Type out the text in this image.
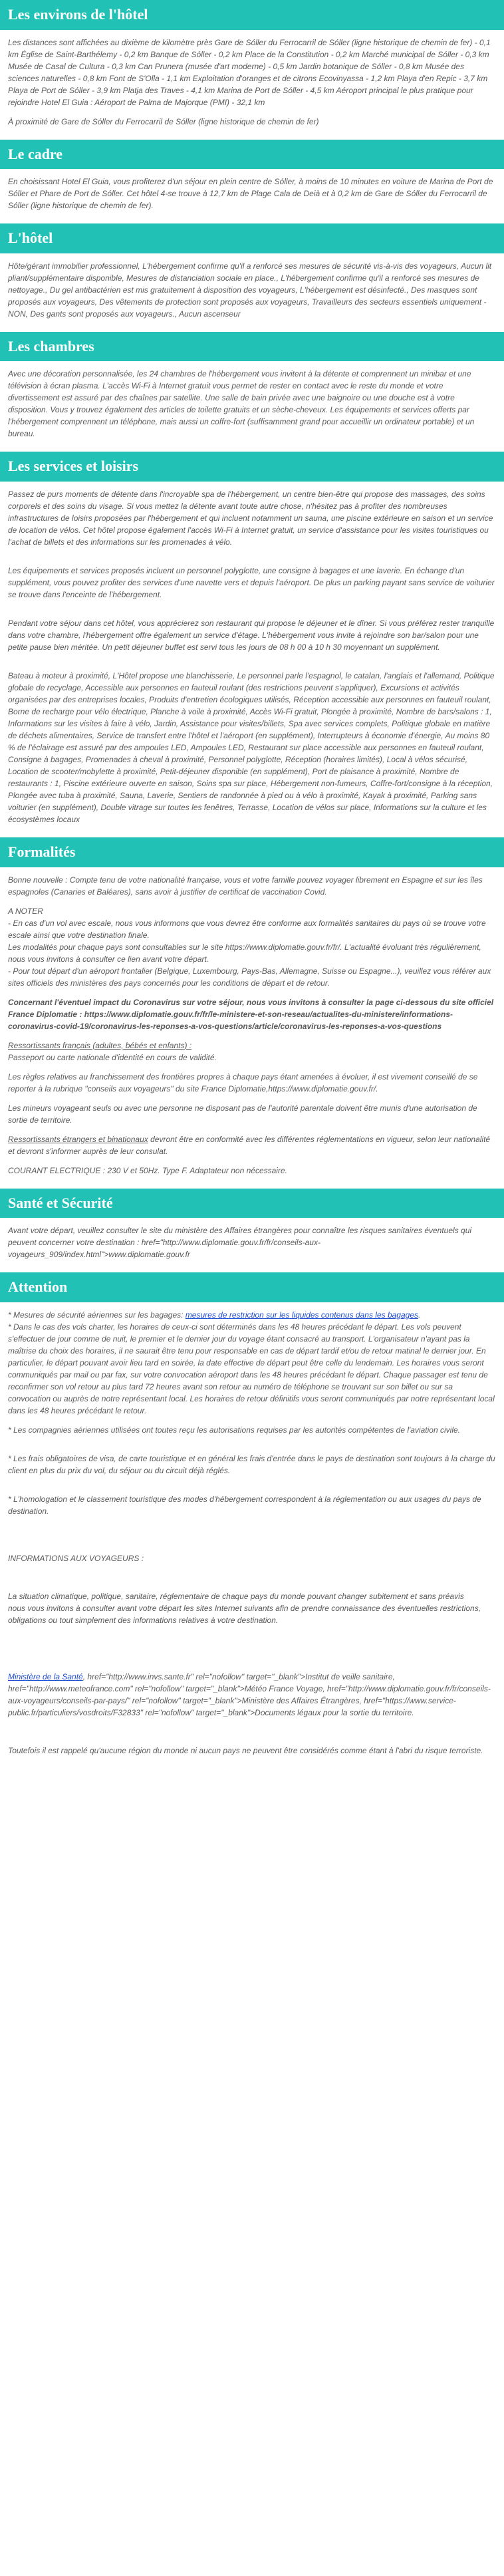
Les environs de l'hôtel

Les distances sont affichées au dixième de kilomètre près Gare de Sóller du Ferrocarril de Sóller (ligne historique de chemin de fer) - 0,1 km Église de Saint-Barthélemy - 0,2 km Banque de Sóller - 0,2 km Place de la Constitution - 0,2 km Marché municipal de Sóller - 0,3 km Musée de Casal de Cultura - 0,3 km Can Prunera (musée d'art moderne) - 0,5 km Jardin botanique de Sóller - 0,8 km Musée des sciences naturelles - 0,8 km Font de S'Olla - 1,1 km Exploitation d'oranges et de citrons Ecovinyassa - 1,2 km Playa d'en Repic - 3,7 km Playa de Port de Sóller - 3,9 km Platja des Traves - 4,1 km Marina de Port de Sóller - 4,5 km Aéroport principal le plus pratique pour rejoindre Hotel El Guia : Aéroport de Palma de Majorque (PMI) - 32,1 km

À proximité de Gare de Sóller du Ferrocarril de Sóller (ligne historique de chemin de fer)

Le cadre

En choisissant Hotel El Guia, vous profiterez d'un séjour en plein centre de Sóller, à moins de 10 minutes en voiture de Marina de Port de Sóller et Phare de Port de Sóller. Cet hôtel 4-se trouve à 12,7 km de Plage Cala de Deià et à 0,2 km de Gare de Sóller du Ferrocarril de Sóller (ligne historique de chemin de fer).

L'hôtel

Hôte/gérant immobilier professionnel, L'hébergement confirme qu'il a renforcé ses mesures de sécurité vis-à-vis des voyageurs, Aucun lit pliant/supplémentaire disponible, Mesures de distanciation sociale en place., L'hébergement confirme qu'il a renforcé ses mesures de nettoyage., Du gel antibactérien est mis gratuitement à disposition des voyageurs, L'hébergement est désinfecté., Des masques sont proposés aux voyageurs, Des vêtements de protection sont proposés aux voyageurs, Travailleurs des secteurs essentiels uniquement - NON, Des gants sont proposés aux voyageurs., Aucun ascenseur

Les chambres

Avec une décoration personnalisée, les 24 chambres de l'hébergement vous invitent à la détente et comprennent un minibar et une télévision à écran plasma. L'accès Wi-Fi à Internet gratuit vous permet de rester en contact avec le reste du monde et votre divertissement est assuré par des chaînes par satellite. Une salle de bain privée avec une baignoire ou une douche est à votre disposition. Vous y trouvez également des articles de toilette gratuits et un sèche-cheveux. Les équipements et services offerts par l'hébergement comprennent un téléphone, mais aussi un coffre-fort (suffisamment grand pour accueillir un ordinateur portable) et un bureau.

Les services et loisirs

Passez de purs moments de détente dans l'incroyable spa de l'hébergement, un centre bien-être qui propose des massages, des soins corporels et des soins du visage. Si vous mettez la détente avant toute autre chose, n'hésitez pas à profiter des nombreuses infrastructures de loisirs proposées par l'hébergement et qui incluent notamment un sauna, une piscine extérieure en saison et un service de location de vélos. Cet hôtel propose également l'accès Wi-Fi à Internet gratuit, un service d'assistance pour les visites touristiques ou l'achat de billets et des informations sur les promenades à vélo.

Les équipements et services proposés incluent un personnel polyglotte, une consigne à bagages et une laverie. En échange d'un supplément, vous pouvez profiter des services d'une navette vers et depuis l'aéroport. De plus un parking payant sans service de voiturier se trouve dans l'enceinte de l'hébergement.

Pendant votre séjour dans cet hôtel, vous apprécierez son restaurant qui propose le déjeuner et le dîner. Si vous préférez rester tranquille dans votre chambre, l'hébergement offre également un service d'étage. L'hébergement vous invite à rejoindre son bar/salon pour une petite pause bien méritée. Un petit déjeuner buffet est servi tous les jours de 08 h 00 à 10 h 30 moyennant un supplément.

Bateau à moteur à proximité, L'Hôtel propose une blanchisserie, Le personnel parle l'espagnol, le catalan, l'anglais et l'allemand, Politique globale de recyclage, Accessible aux personnes en fauteuil roulant (des restrictions peuvent s'appliquer), Excursions et activités organisées par des entreprises locales, Produits d'entretien écologiques utilisés, Réception accessible aux personnes en fauteuil roulant, Borne de recharge pour vélo électrique, Planche à voile à proximité, Accès Wi-Fi gratuit, Plongée à proximité, Nombre de bars/salons : 1, Informations sur les visites à faire à vélo, Jardin, Assistance pour visites/billets, Spa avec services complets, Politique globale en matière de déchets alimentaires, Service de transfert entre l'hôtel et l'aéroport (en supplément), Interrupteurs à économie d'énergie, Au moins 80 % de l'éclairage est assuré par des ampoules LED, Ampoules LED, Restaurant sur place accessible aux personnes en fauteuil roulant, Consigne à bagages, Promenades à cheval à proximité, Personnel polyglotte, Réception (horaires limités), Local à vélos sécurisé, Location de scooter/mobylette à proximité, Petit-déjeuner disponible (en supplément), Port de plaisance à proximité, Nombre de restaurants : 1, Piscine extérieure ouverte en saison, Soins spa sur place, Hébergement non-fumeurs, Coffre-fort/consigne à la réception, Plongée avec tuba à proximité, Sauna, Laverie, Sentiers de randonnée à pied ou à vélo à proximité, Kayak à proximité, Parking sans voiturier (en supplément), Double vitrage sur toutes les fenêtres, Terrasse, Location de vélos sur place, Informations sur la culture et les écosystèmes locaux

Formalités

Bonne nouvelle : Compte tenu de votre nationalité française, vous et votre famille pouvez voyager librement en Espagne et sur les îles espagnoles (Canaries et Baléares), sans avoir à justifier de certificat de vaccination Covid.

A NOTER

- En cas d'un vol avec escale, nous vous informons que vous devrez être conforme aux formalités sanitaires du pays où se trouve votre escale ainsi que votre destination finale.

Les modalités pour chaque pays sont consultables sur le site https://www.diplomatie.gouv.fr/fr/. L'actualité évoluant très régulièrement, nous vous invitons à consulter ce lien avant votre départ.

- Pour tout départ d'un aéroport frontalier (Belgique, Luxembourg, Pays-Bas, Allemagne, Suisse ou Espagne...), veuillez vous référer aux sites officiels des ministères des pays concernés pour les conditions de départ et de retour.

Concernant l'éventuel impact du Coronavirus sur votre séjour, nous vous invitons à consulter la page ci-dessous du site officiel France Diplomatie : https://www.diplomatie.gouv.fr/fr/le-ministere-et-son-reseau/actualites-du-ministere/informations-coronavirus-covid-19/coronavirus-les-reponses-a-vos-questions/article/coronavirus-les-reponses-a-vos-questions

Ressortissants français (adultes, bébés et enfants) :

Passeport ou carte nationale d'identité en cours de validité.

Les règles relatives au franchissement des frontières propres à chaque pays étant amenées à évoluer, il est vivement conseillé de se reporter à la rubrique "conseils aux voyageurs" du site France Diplomatie,https://www.diplomatie.gouv.fr/.

Les mineurs voyageant seuls ou avec une personne ne disposant pas de l'autorité parentale doivent être munis d'une autorisation de sortie de territoire.

Ressortissants étrangers et binationaux devront être en conformité avec les différentes réglementations en vigueur, selon leur nationalité et devront s'informer auprès de leur consulat.

COURANT ELECTRIQUE : 230 V et 50Hz. Type F. Adaptateur non nécessaire.

Santé et Sécurité

Avant votre départ, veuillez consulter le site du ministère des Affaires étrangères pour connaître les risques sanitaires éventuels qui peuvent concerner votre destination : href="http://www.diplomatie.gouv.fr/fr/conseils-aux-voyageurs_909/index.html">www.diplomatie.gouv.fr

Attention

* Mesures de sécurité aériennes sur les bagages: mesures de restriction sur les liquides contenus dans les bagages.

* Dans le cas des vols charter, les horaires de ceux-ci sont déterminés dans les 48 heures précédant le départ. Les vols peuvent s'effectuer de jour comme de nuit, le premier et le dernier jour du voyage étant consacré au transport. L'organisateur n'ayant pas la maîtrise du choix des horaires, il ne saurait être tenu pour responsable en cas de départ tardif et/ou de retour matinal le dernier jour. En particulier, le départ pouvant avoir lieu tard en soirée, la date effective de départ peut être celle du lendemain. Les horaires vous seront communiqués par mail ou par fax, sur votre convocation aéroport dans les 48 heures précédant le départ. Chaque passager est tenu de reconfirmer son vol retour au plus tard 72 heures avant son retour au numéro de téléphone se trouvant sur son billet ou sur sa convocation ou auprès de notre représentant local. Les horaires de retour définitifs vous seront communiqués par notre représentant local dans les 48 heures précédant le retour.

* Les compagnies aériennes utilisées ont toutes reçu les autorisations requises par les autorités compétentes de l'aviation civile.

* Les frais obligatoires de visa, de carte touristique et en général les frais d'entrée dans le pays de destination sont toujours à la charge du client en plus du prix du vol, du séjour ou du circuit déjà réglés.

* L'homologation et le classement touristique des modes d'hébergement correspondent à la réglementation ou aux usages du pays de destination.

INFORMATIONS AUX VOYAGEURS :

La situation climatique, politique, sanitaire, réglementaire de chaque pays du monde pouvant changer subitement et sans préavis

nous vous invitons à consulter avant votre départ les sites Internet suivants afin de prendre connaissance des éventuelles restrictions, obligations ou tout simplement des informations relatives à votre destination.

Ministère de la Santé, href="http://www.invs.sante.fr" rel="nofollow" target="_blank">Institut de veille sanitaire, href="http://www.meteofrance.com" rel="nofollow" target="_blank">Météo France Voyage, href="http://www.diplomatie.gouv.fr/fr/conseils-aux-voyageurs/conseils-par-pays/" rel="nofollow" target="_blank">Ministère des Affaires Étrangères, href="https://www.service-public.fr/particuliers/vosdroits/F32833" rel="nofollow" target="_blank">Documents légaux pour la sortie du territoire.

Toutefois il est rappelé qu'aucune région du monde ni aucun pays ne peuvent être considérés comme étant à l'abri du risque terroriste.
